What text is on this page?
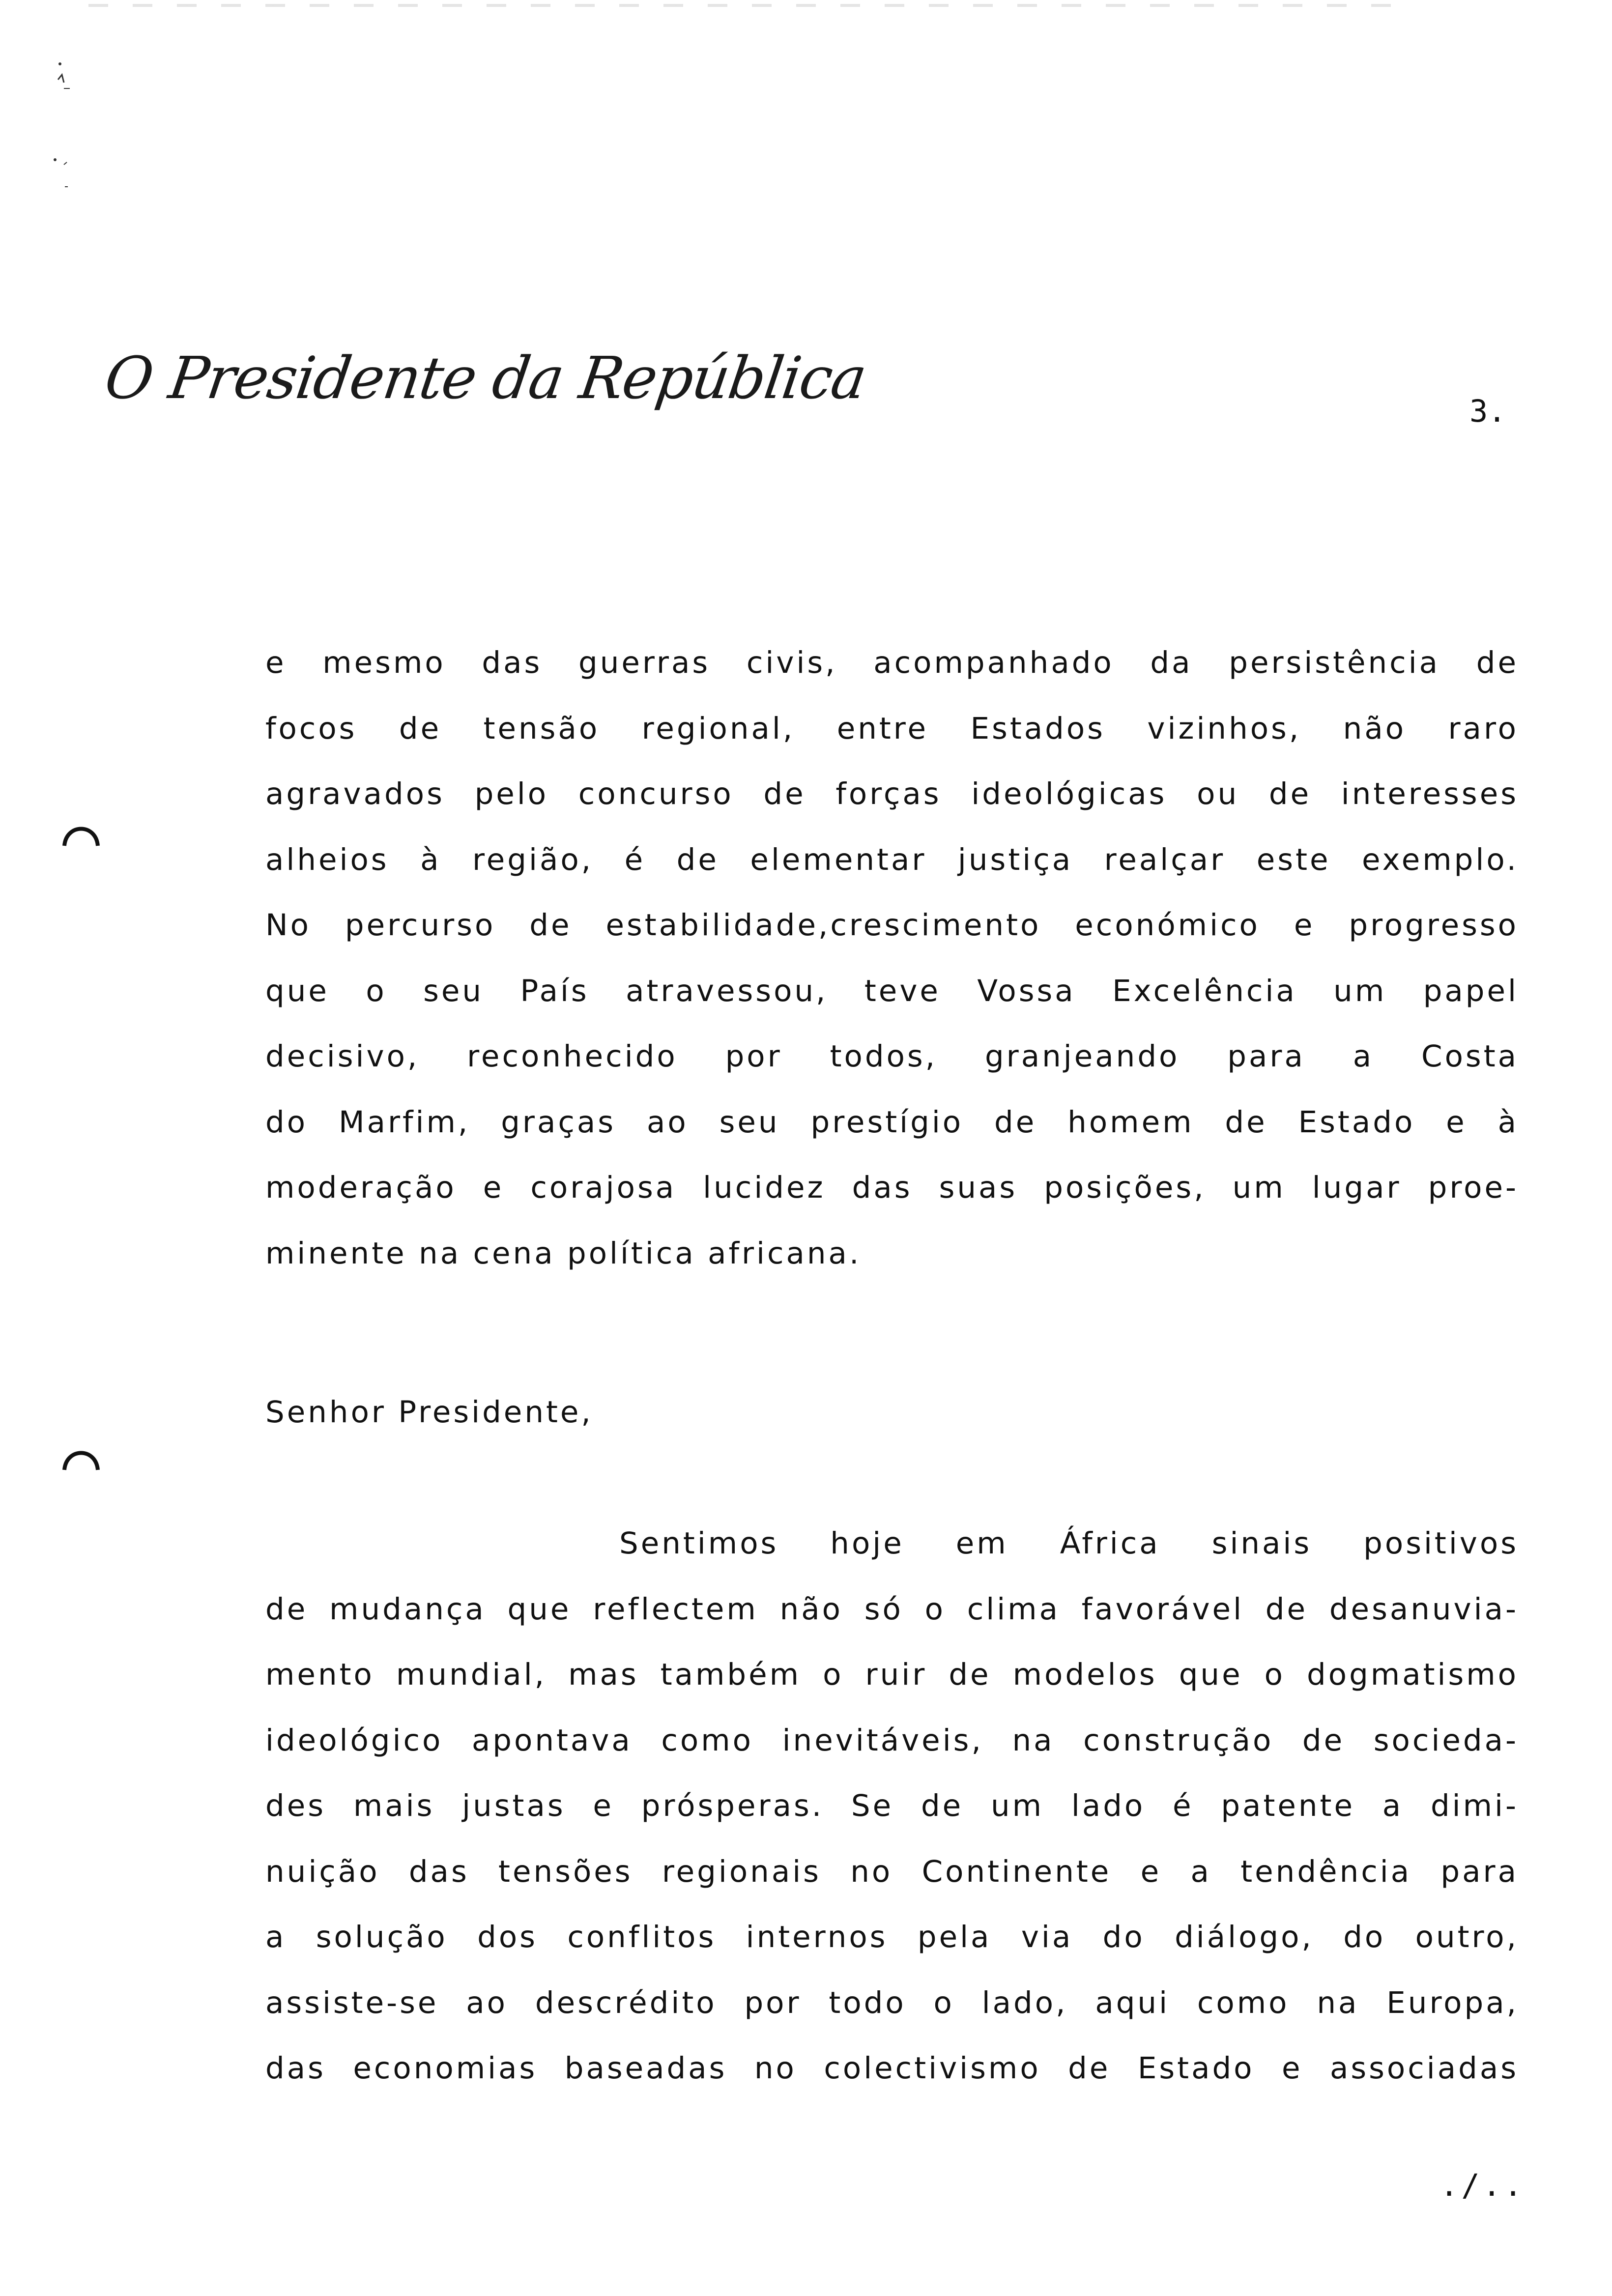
O Presidente da República	3.
e mesmo das guerras civis, acompanhado da persistência de
focos de tensão regional, entre Estados vizinhos, não raro
agravados pelo concurso de forças ideológicas ou de interesses
alheios à região, é de elementar justiça realçar este exemplo.
No percurso de estabilidade,crescimento económico e progresso
que o seu País atravessou, teve Vossa Excelência um papel
decisivo, reconhecido por todos, granjeando para a Costa
do Marfim, graças ao seu prestígio de homem de Estado e à
moderação e corajosa lucidez das suas posições, um lugar proe-
minente na cena política africana.
Senhor Presidente,
Sentimos hoje em África sinais positivos
de mudança que reflectem não só o clima favorável de desanuvia-
mento mundial, mas também o ruir de modelos que o dogmatismo
ideológico apontava como inevitáveis, na construção de socieda-
des mais justas e prósperas. Se de um lado é patente a dimi-
nuição das tensões regionais no Continente e a tendência para
a solução dos conflitos internos pela via do diálogo, do outro,
assiste-se ao descrédito por todo o lado, aqui como na Europa,
das economias baseadas no colectivismo de Estado e associadas
./..
